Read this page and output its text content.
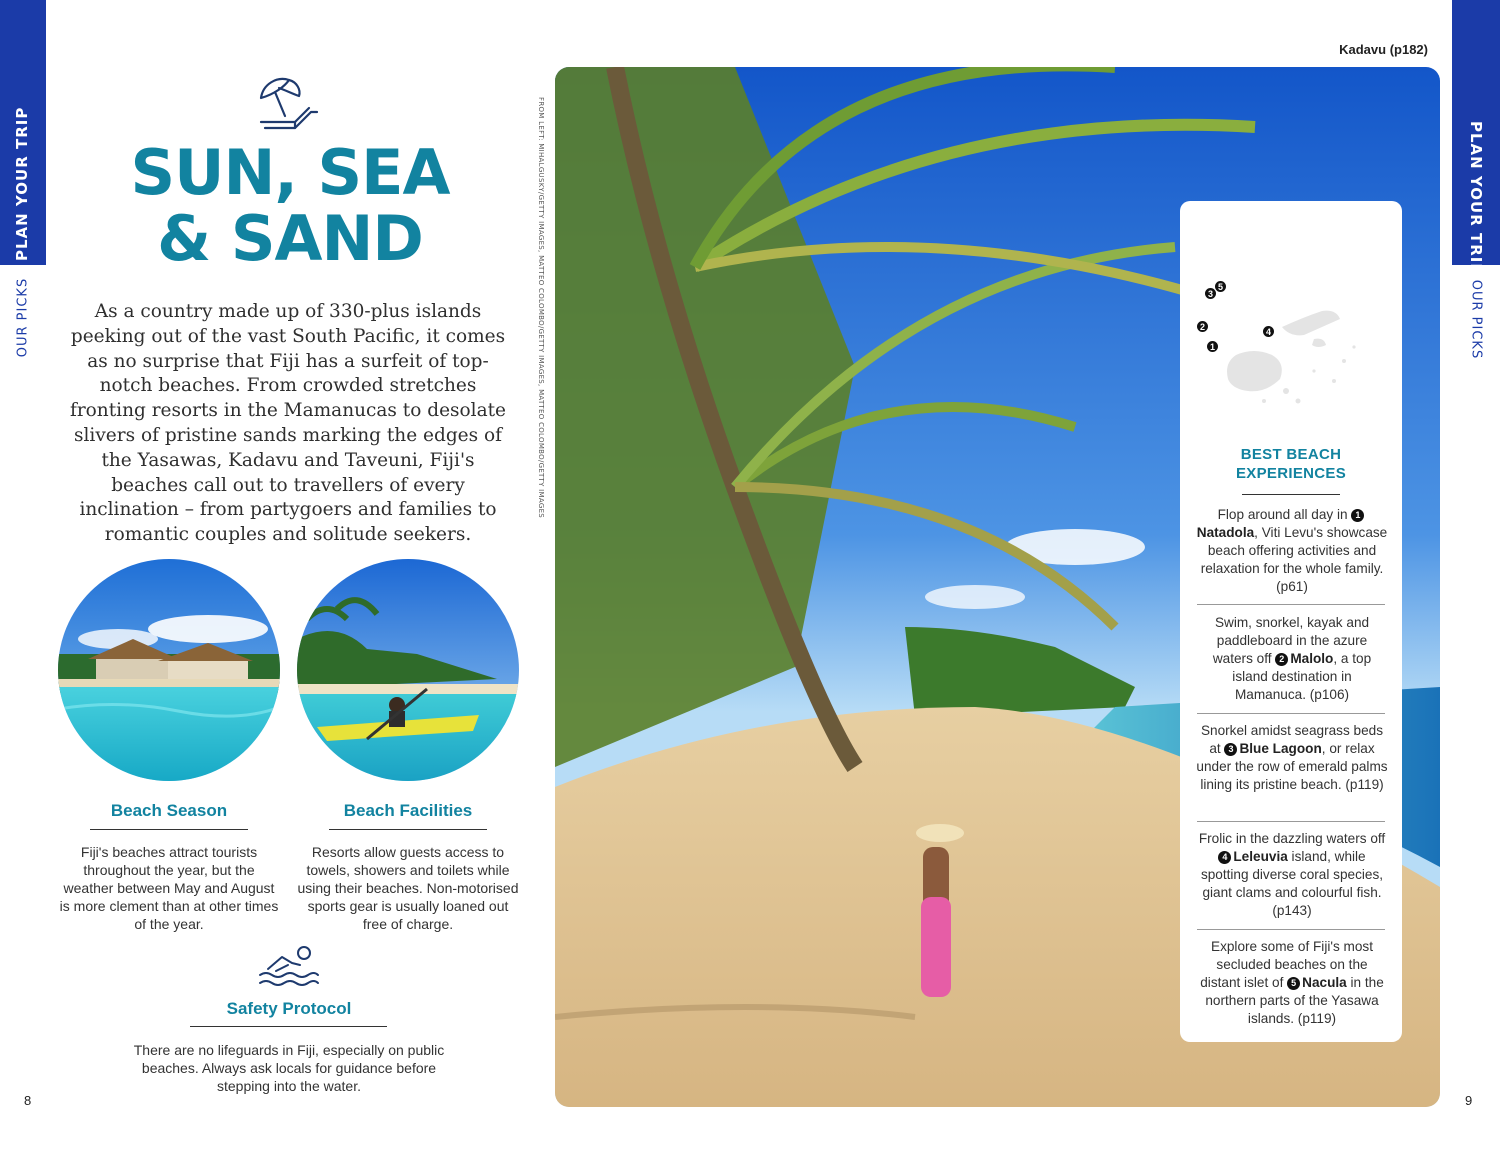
PLAN YOUR TRIP
OUR PICKS
PLAN YOUR TRIP
OUR PICKS
SUN, SEA
& SAND
As a country made up of 330-plus islands peeking out of the vast South Pacific, it comes as no surprise that Fiji has a surfeit of top-notch beaches. From crowded stretches fronting resorts in the Mamanucas to desolate slivers of pristine sands marking the edges of the Yasawas, Kadavu and Taveuni, Fiji's beaches call out to travellers of every inclination – from partygoers and families to romantic couples and solitude seekers.
Beach Season
Fiji's beaches attract tourists throughout the year, but the weather between May and August is more clement than at other times of the year.
Beach Facilities
Resorts allow guests access to towels, showers and toilets while using their beaches. Non-motorised sports gear is usually loaned out free of charge.
Safety Protocol
There are no lifeguards in Fiji, especially on public beaches. Always ask locals for guidance before stepping into the water.
8	9
FROM LEFT: MIHALGUSKY/GETTY IMAGES, MATTEO COLOMBO/GETTY IMAGES, MATTEO COLOMBO/GETTY IMAGES
Kadavu (p182)
1
2
3
4
5
BEST BEACH
EXPERIENCES
Flop around all day in 1Natadola, Viti Levu's showcase beach offering activities and relaxation for the whole family. (p61)
Swim, snorkel, kayak and paddleboard in the azure waters off 2 Malolo, a top island destination in Mamanuca. (p106)
Snorkel amidst seagrass beds at 3 Blue Lagoon, or relax under the row of emerald palms lining its pristine beach. (p119)
Frolic in the dazzling waters off 4 Leleuvia island, while spotting diverse coral species, giant clams and colourful fish. (p143)
Explore some of Fiji's most secluded beaches on the distant islet of 5 Nacula in the northern parts of the Yasawa islands. (p119)
